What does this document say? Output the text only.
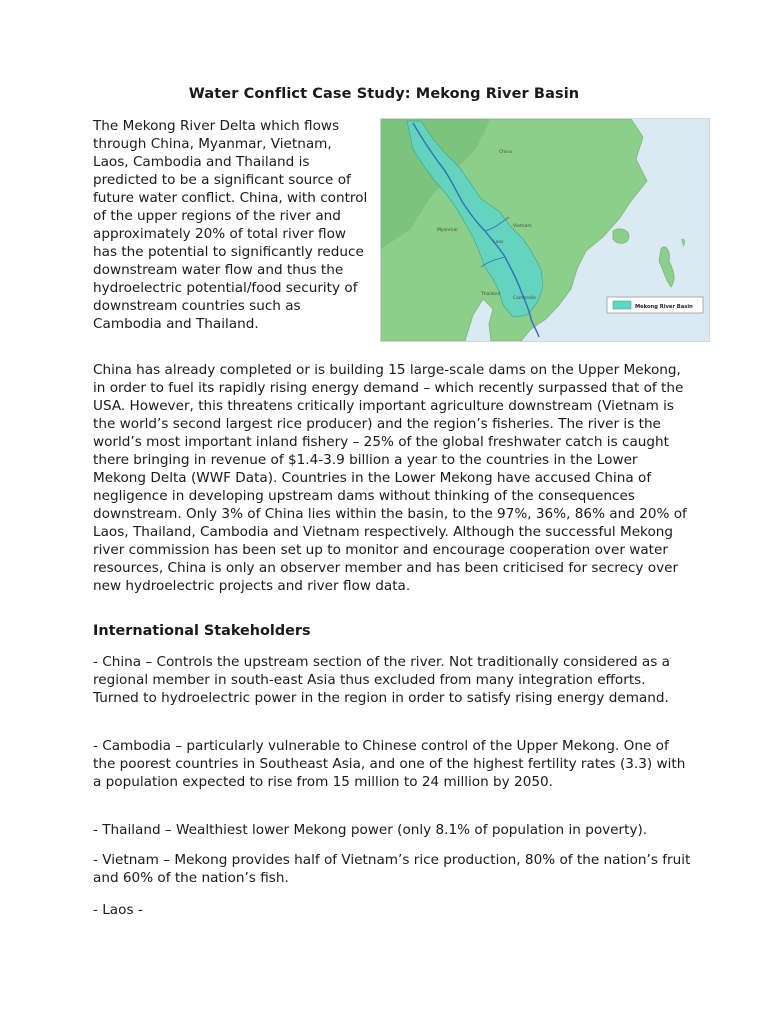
Water Conflict Case Study: Mekong River Basin

The Mekong River Delta which flows through China, Myanmar, Vietnam, Laos, Cambodia and Thailand is predicted to be a significant source of future water conflict. China, with control of the upper regions of the river and approximately 20% of total river flow has the potential to significantly reduce downstream water flow and thus the hydroelectric potential/food security of downstream countries such as Cambodia and Thailand.

China
Myanmar
Vietnam
Laos
Thailand
Cambodia
Mekong River Basin

China has already completed or is building 15 large-scale dams on the Upper Mekong, in order to fuel its rapidly rising energy demand – which recently surpassed that of the USA. However, this threatens critically important agriculture downstream (Vietnam is the world’s second largest rice producer) and the region’s fisheries. The river is the world’s most important inland fishery – 25% of the global freshwater catch is caught there bringing in revenue of $1.4-3.9 billion a year to the countries in the Lower Mekong Delta (WWF Data). Countries in the Lower Mekong have accused China of negligence in developing upstream dams without thinking of the consequences downstream. Only 3% of China lies within the basin, to the 97%, 36%, 86% and 20% of Laos, Thailand, Cambodia and Vietnam respectively. Although the successful Mekong river commission has been set up to monitor and encourage cooperation over water resources, China is only an observer member and has been criticised for secrecy over new hydroelectric projects and river flow data.

International Stakeholders

- China – Controls the upstream section of the river. Not traditionally considered as a regional member in south-east Asia thus excluded from many integration efforts. Turned to hydroelectric power in the region in order to satisfy rising energy demand.

- Cambodia – particularly vulnerable to Chinese control of the Upper Mekong. One of the poorest countries in Southeast Asia, and one of the highest fertility rates (3.3) with a population expected to rise from 15 million to 24 million by 2050.

- Thailand – Wealthiest lower Mekong power (only 8.1% of population in poverty).

- Vietnam – Mekong provides half of Vietnam’s rice production, 80% of the nation’s fruit and 60% of the nation’s fish.

- Laos -
